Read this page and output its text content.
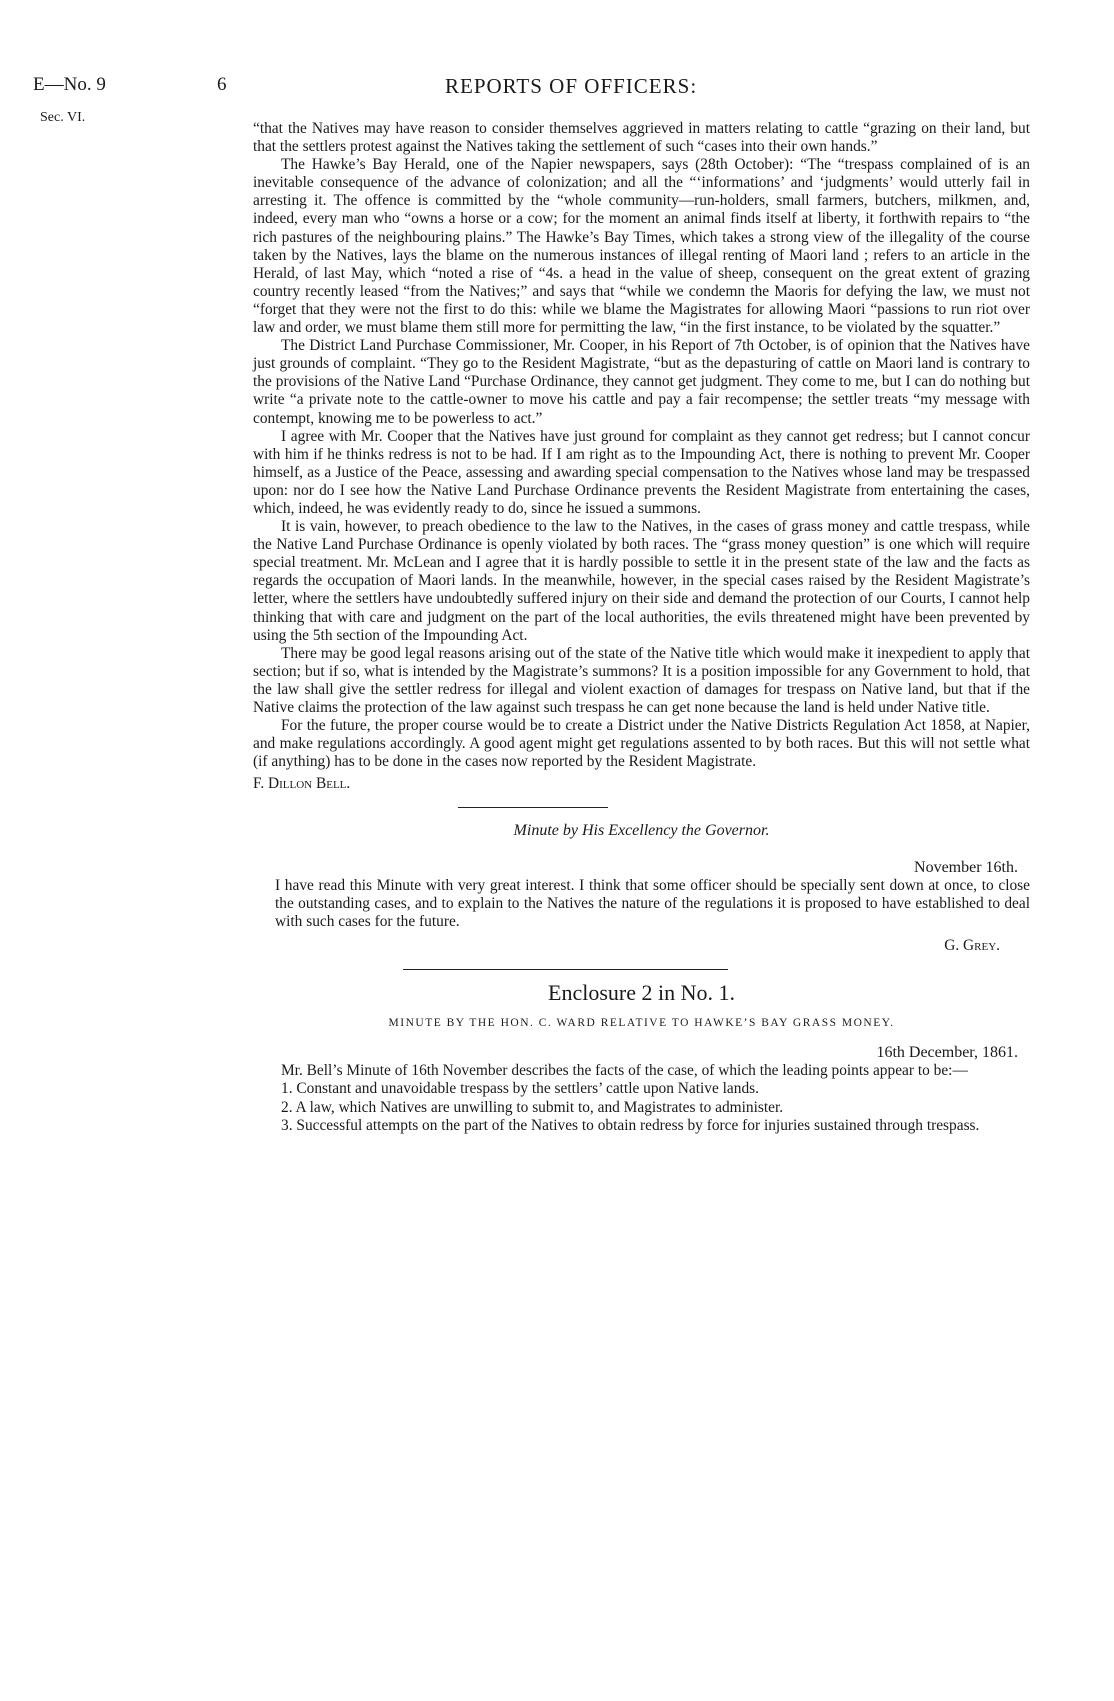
E—No. 9
Sec. VI.
6	REPORTS OF OFFICERS:

“that the Natives may have reason to consider themselves aggrieved in matters relating to cattle “grazing on their land, but that the settlers protest against the Natives taking the settlement of such “cases into their own hands.”

The Hawke’s Bay Herald, one of the Napier newspapers, says (28th October): “The “trespass complained of is an inevitable consequence of the advance of colonization; and all the “‘informations’ and ‘judgments’ would utterly fail in arresting it. The offence is committed by the “whole community—run-holders, small farmers, butchers, milkmen, and, indeed, every man who “owns a horse or a cow; for the moment an animal finds itself at liberty, it forthwith repairs to “the rich pastures of the neighbouring plains.” The Hawke’s Bay Times, which takes a strong view of the illegality of the course taken by the Natives, lays the blame on the numerous instances of illegal renting of Maori land ; refers to an article in the Herald, of last May, which “noted a rise of “4s. a head in the value of sheep, consequent on the great extent of grazing country recently leased “from the Natives;” and says that “while we condemn the Maoris for defying the law, we must not “forget that they were not the first to do this: while we blame the Magistrates for allowing Maori “passions to run riot over law and order, we must blame them still more for permitting the law, “in the first instance, to be violated by the squatter.”

The District Land Purchase Commissioner, Mr. Cooper, in his Report of 7th October, is of opinion that the Natives have just grounds of complaint. “They go to the Resident Magistrate, “but as the depasturing of cattle on Maori land is contrary to the provisions of the Native Land “Purchase Ordinance, they cannot get judgment. They come to me, but I can do nothing but write “a private note to the cattle-owner to move his cattle and pay a fair recompense; the settler treats “my message with contempt, knowing me to be powerless to act.”

I agree with Mr. Cooper that the Natives have just ground for complaint as they cannot get redress; but I cannot concur with him if he thinks redress is not to be had. If I am right as to the Impounding Act, there is nothing to prevent Mr. Cooper himself, as a Justice of the Peace, assessing and awarding special compensation to the Natives whose land may be trespassed upon: nor do I see how the Native Land Purchase Ordinance prevents the Resident Magistrate from entertaining the cases, which, indeed, he was evidently ready to do, since he issued a summons.

It is vain, however, to preach obedience to the law to the Natives, in the cases of grass money and cattle trespass, while the Native Land Purchase Ordinance is openly violated by both races. The “grass money question” is one which will require special treatment. Mr. McLean and I agree that it is hardly possible to settle it in the present state of the law and the facts as regards the occupation of Maori lands. In the meanwhile, however, in the special cases raised by the Resident Magistrate’s letter, where the settlers have undoubtedly suffered injury on their side and demand the protection of our Courts, I cannot help thinking that with care and judgment on the part of the local authorities, the evils threatened might have been prevented by using the 5th section of the Impounding Act.

There may be good legal reasons arising out of the state of the Native title which would make it inexpedient to apply that section; but if so, what is intended by the Magistrate’s summons? It is a position impossible for any Government to hold, that the law shall give the settler redress for illegal and violent exaction of damages for trespass on Native land, but that if the Native claims the protection of the law against such trespass he can get none because the land is held under Native title.

For the future, the proper course would be to create a District under the Native Districts Regulation Act 1858, at Napier, and make regulations accordingly. A good agent might get regulations assented to by both races. But this will not settle what (if anything) has to be done in the cases now reported by the Resident Magistrate.

F. Dillon Bell.

Minute by His Excellency the Governor.

November 16th.

I have read this Minute with very great interest. I think that some officer should be specially sent down at once, to close the outstanding cases, and to explain to the Natives the nature of the regulations it is proposed to have established to deal with such cases for the future.

G. Grey.

Enclosure 2 in No. 1.

MINUTE BY THE HON. C. WARD RELATIVE TO HAWKE’S BAY GRASS MONEY.

16th December, 1861.

Mr. Bell’s Minute of 16th November describes the facts of the case, of which the leading points appear to be:—

1. Constant and unavoidable trespass by the settlers’ cattle upon Native lands.

2. A law, which Natives are unwilling to submit to, and Magistrates to administer.

3. Successful attempts on the part of the Natives to obtain redress by force for injuries sustained through trespass.
